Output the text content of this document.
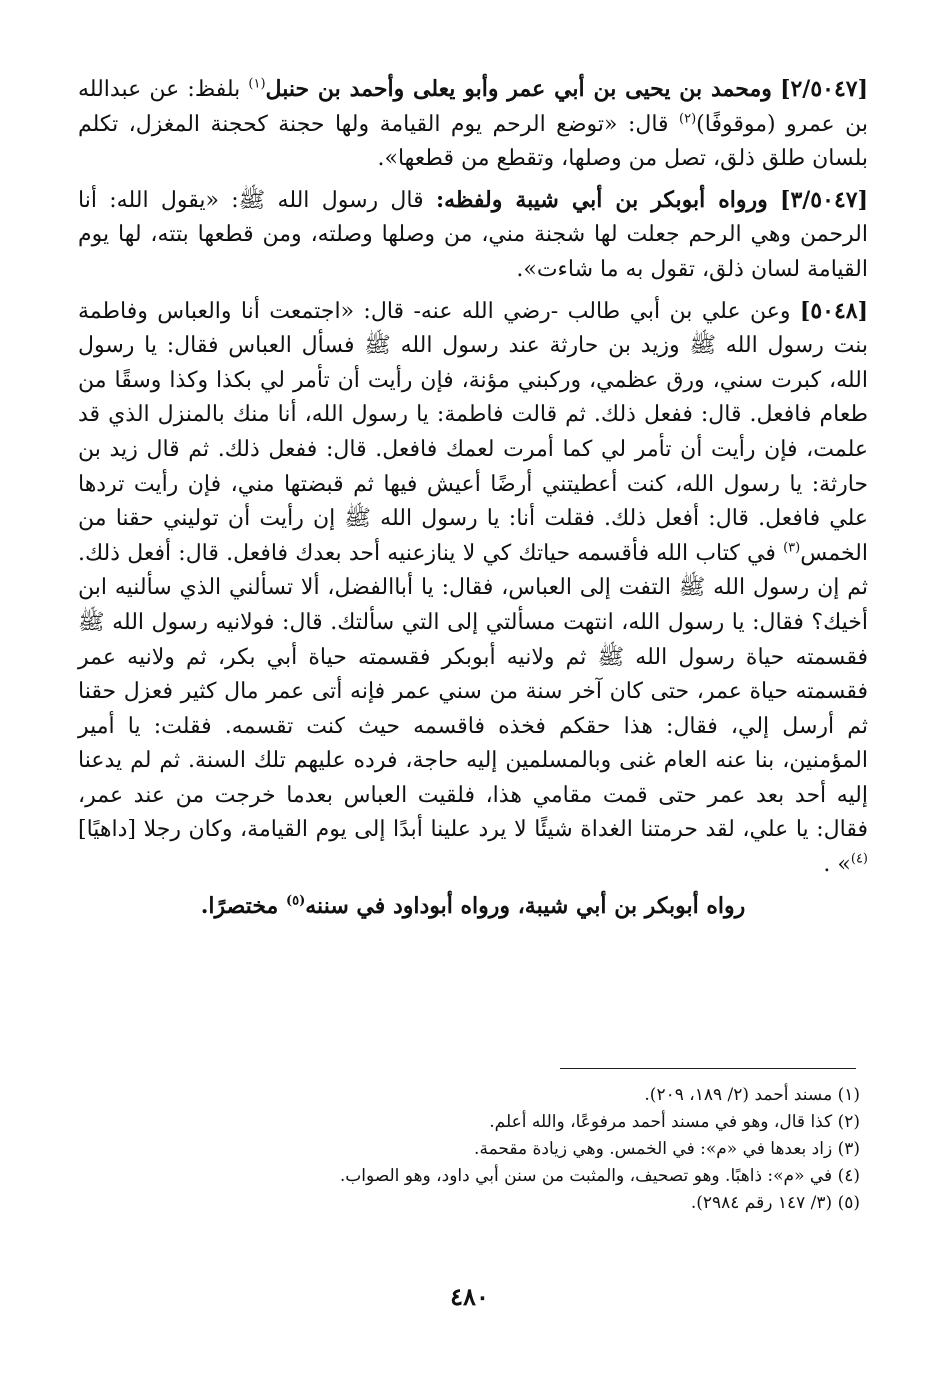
[٢/٥٠٤٧] ومحمد بن يحيى بن أبي عمر وأبو يعلى وأحمد بن حنبل$^{(١)}$ بلفظ: عن عبدالله بن عمرو (موقوفًا)$^{(٢)}$ قال: «توضع الرحم يوم القيامة ولها حجنة كحجنة المغزل، تكلم بلسان طلق ذلق، تصل من وصلها، وتقطع من قطعها».

[٣/٥٠٤٧] ورواه أبوبكر بن أبي شيبة ولفظه: قال رسول الله ﷺ: «يقول الله: أنا الرحمن وهي الرحم جعلت لها شجنة مني، من وصلها وصلته، ومن قطعها بتته، لها يوم القيامة لسان ذلق، تقول به ما شاءت».

[٥٠٤٨] وعن علي بن أبي طالب -رضي الله عنه- قال: «اجتمعت أنا والعباس وفاطمة بنت رسول الله ﷺ وزيد بن حارثة عند رسول الله ﷺ فسأل العباس فقال: يا رسول الله، كبرت سني، ورق عظمي، وركبني مؤنة، فإن رأيت أن تأمر لي بكذا وكذا وسقًا من طعام فافعل. قال: ففعل ذلك. ثم قالت فاطمة: يا رسول الله، أنا منك بالمنزل الذي قد علمت، فإن رأيت أن تأمر لي كما أمرت لعمك فافعل. قال: ففعل ذلك. ثم قال زيد بن حارثة: يا رسول الله، كنت أعطيتني أرضًا أعيش فيها ثم قبضتها مني، فإن رأيت تردها علي فافعل. قال: أفعل ذلك. فقلت أنا: يا رسول الله ﷺ إن رأيت أن توليني حقنا من الخمس$^{(٣)}$ في كتاب الله فأقسمه حياتك كي لا ينازعنيه أحد بعدك فافعل. قال: أفعل ذلك. ثم إن رسول الله ﷺ التفت إلى العباس، فقال: يا أباالفضل، ألا تسألني الذي سألنيه ابن أخيك؟ فقال: يا رسول الله، انتهت مسألتي إلى التي سألتك. قال: فولانيه رسول الله ﷺ فقسمته حياة رسول الله ﷺ ثم ولانيه أبوبكر فقسمته حياة أبي بكر، ثم ولانيه عمر فقسمته حياة عمر، حتى كان آخر سنة من سني عمر فإنه أتى عمر مال كثير فعزل حقنا ثم أرسل إلي، فقال: هذا حقكم فخذه فاقسمه حيث كنت تقسمه. فقلت: يا أمير المؤمنين، بنا عنه العام غنى وبالمسلمين إليه حاجة، فرده عليهم تلك السنة. ثم لم يدعنا إليه أحد بعد عمر حتى قمت مقامي هذا، فلقيت العباس بعدما خرجت من عند عمر، فقال: يا علي، لقد حرمتنا الغداة شيئًا لا يرد علينا أبدًا إلى يوم القيامة، وكان رجلا [داهيًا]$^{(٤)}$» .

رواه أبوبكر بن أبي شيبة، ورواه أبوداود في سننه$^{(٥)}$ مختصرًا.

(١) مسند أحمد (٢/ ١٨٩، ٢٠٩).

(٢) كذا قال، وهو في مسند أحمد مرفوعًا، والله أعلم.

(٣) زاد بعدها في «م»: في الخمس. وهي زيادة مقحمة.

(٤) في «م»: ذاهبًا. وهو تصحيف، والمثبت من سنن أبي داود، وهو الصواب.

(٥) (٣/ ١٤٧ رقم ٢٩٨٤).

٤٨٠
